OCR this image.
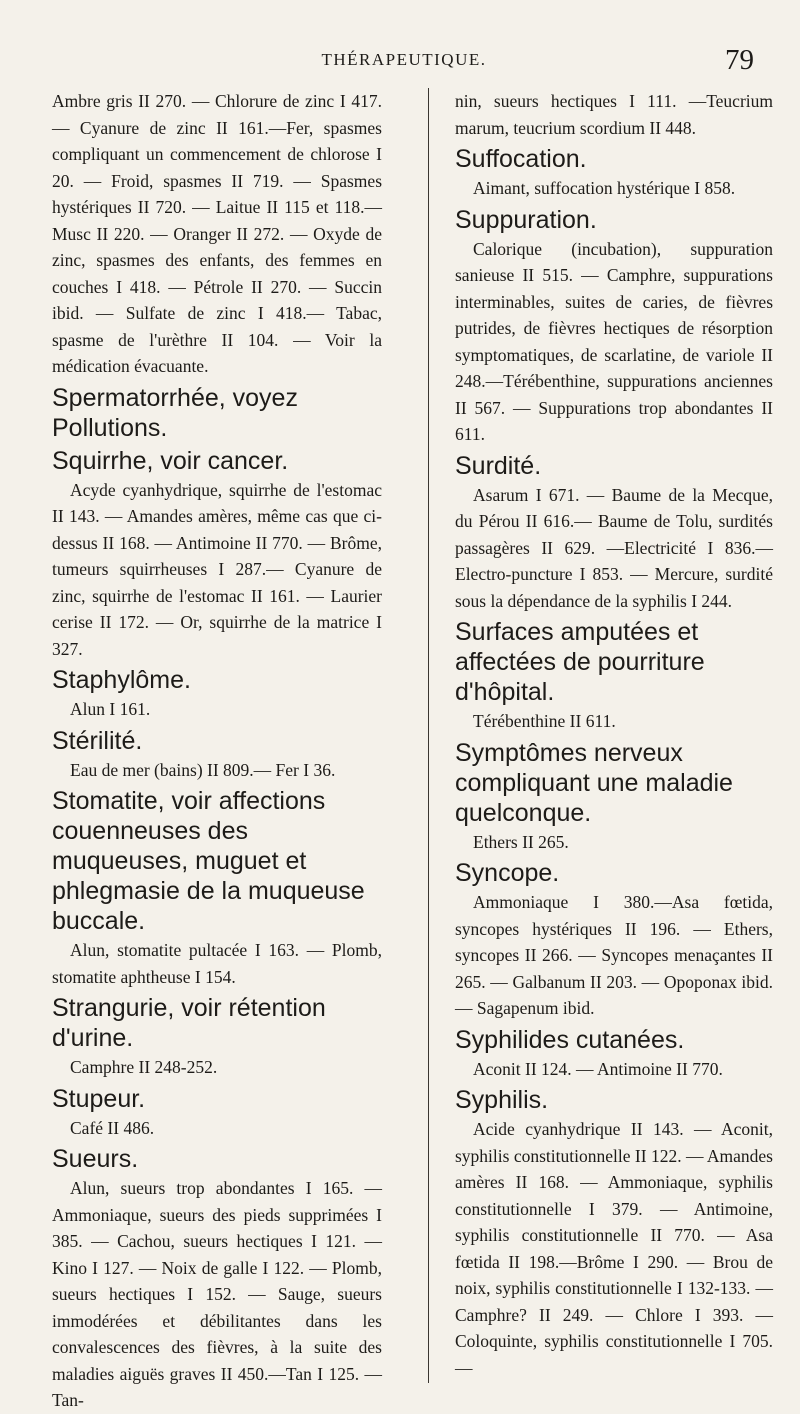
THÉRAPEUTIQUE.	79
Ambre gris II 270. — Chlorure de zinc I 417. — Cyanure de zinc II 161.—Fer, spasmes compliquant un commencement de chlorose I 20. — Froid, spasmes II 719. — Spasmes hystériques II 720. — Laitue II 115 et 118.— Musc II 220. — Oranger II 272. — Oxyde de zinc, spasmes des enfants, des femmes en couches I 418. — Pétrole II 270. — Succin ibid. — Sulfate de zinc I 418.— Tabac, spasme de l'urèthre II 104. — Voir la médication évacuante.
Spermatorrhée, voyez Pollutions.
Squirrhe, voir cancer.
Acyde cyanhydrique, squirrhe de l'estomac II 143. — Amandes amères, même cas que ci-dessus II 168. — Antimoine II 770. — Brôme, tumeurs squirrheuses I 287.— Cyanure de zinc, squirrhe de l'estomac II 161. — Laurier cerise II 172. — Or, squirrhe de la matrice I 327.
Staphylôme.
Alun I 161.
Stérilité.
Eau de mer (bains) II 809.— Fer I 36.
Stomatite, voir affections couenneuses des muqueuses, muguet et phlegmasie de la muqueuse buccale.
Alun, stomatite pultacée I 163. — Plomb, stomatite aphtheuse I 154.
Strangurie, voir rétention d'urine.
Camphre II 248-252.
Stupeur.
Café II 486.
Sueurs.
Alun, sueurs trop abondantes I 165. — Ammoniaque, sueurs des pieds supprimées I 385. — Cachou, sueurs hectiques I 121. — Kino I 127. — Noix de galle I 122. — Plomb, sueurs hectiques I 152. — Sauge, sueurs immodérées et débilitantes dans les convalescences des fièvres, à la suite des maladies aiguës graves II 450.—Tan I 125. — Tan-
nin, sueurs hectiques I 111. —Teucrium marum, teucrium scordium II 448.
Suffocation.
Aimant, suffocation hystérique I 858.
Suppuration.
Calorique (incubation), suppuration sanieuse II 515. — Camphre, suppurations interminables, suites de caries, de fièvres putrides, de fièvres hectiques de résorption symptomatiques, de scarlatine, de variole II 248.—Térébenthine, suppurations anciennes II 567. — Suppurations trop abondantes II 611.
Surdité.
Asarum I 671. — Baume de la Mecque, du Pérou II 616.— Baume de Tolu, surdités passagères II 629. —Electricité I 836.—Electro-puncture I 853. — Mercure, surdité sous la dépendance de la syphilis I 244.
Surfaces amputées et affectées de pourriture d'hôpital.
Térébenthine II 611.
Symptômes nerveux compliquant une maladie quelconque.
Ethers II 265.
Syncope.
Ammoniaque I 380.—Asa fœtida, syncopes hystériques II 196. — Ethers, syncopes II 266. — Syncopes menaçantes II 265. — Galbanum II 203. — Opoponax ibid. — Sagapenum ibid.
Syphilides cutanées.
Aconit II 124. — Antimoine II 770.
Syphilis.
Acide cyanhydrique II 143. — Aconit, syphilis constitutionnelle II 122. — Amandes amères II 168. — Ammoniaque, syphilis constitutionnelle I 379. — Antimoine, syphilis constitutionnelle II 770. — Asa fœtida II 198.—Brôme I 290. — Brou de noix, syphilis constitutionnelle I 132-133. — Camphre? II 249. — Chlore I 393. — Coloquinte, syphilis constitutionnelle I 705. —
